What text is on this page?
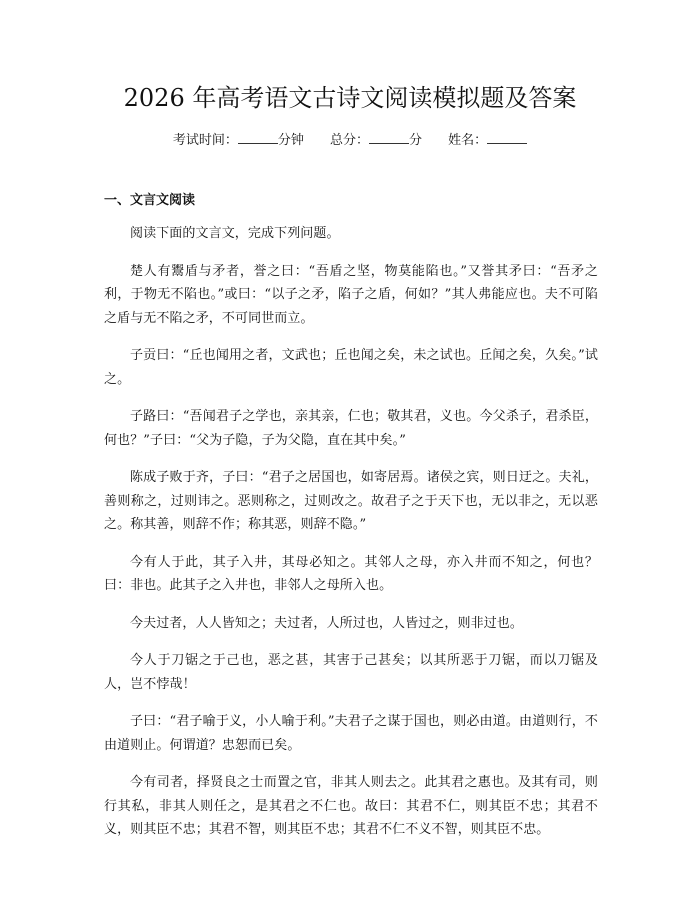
2026 年高考语文古诗文阅读模拟题及答案
考试时间：	分钟 总分：	分 姓名：
一、文言文阅读

阅读下面的文言文，完成下列问题。

楚人有鬻盾与矛者，誉之曰：“吾盾之坚，物莫能陷也。”又誉其矛曰：“吾矛之利，于物无不陷也。”或曰：“以子之矛，陷子之盾，何如？”其人弗能应也。夫不可陷之盾与无不陷之矛，不可同世而立。

子贡曰：“丘也闻用之者，文武也；丘也闻之矣，未之试也。丘闻之矣，久矣。”试之。

子路曰：“吾闻君子之学也，亲其亲，仁也；敬其君，义也。今父杀子，君杀臣，何也？”子曰：“父为子隐，子为父隐，直在其中矣。”

陈成子败于齐，子曰：“君子之居国也，如寄居焉。诸侯之宾，则日迂之。夫礼，善则称之，过则讳之。恶则称之，过则改之。故君子之于天下也，无以非之，无以恶之。称其善，则辞不作；称其恶，则辞不隐。”

今有人于此，其子入井，其母必知之。其邻人之母，亦入井而不知之，何也？曰：非也。此其子之入井也，非邻人之母所入也。

今夫过者，人人皆知之；夫过者，人所过也，人皆过之，则非过也。

今人于刀锯之于己也，恶之甚，其害于己甚矣；以其所恶于刀锯，而以刀锯及人，岂不悖哉！

子曰：“君子喻于义，小人喻于利。”夫君子之谋于国也，则必由道。由道则行，不由道则止。何谓道？忠恕而已矣。

今有司者，择贤良之士而置之官，非其人则去之。此其君之惠也。及其有司，则行其私，非其人则任之，是其君之不仁也。故曰：其君不仁，则其臣不忠；其君不义，则其臣不忠；其君不智，则其臣不忠；其君不仁不义不智，则其臣不忠。
